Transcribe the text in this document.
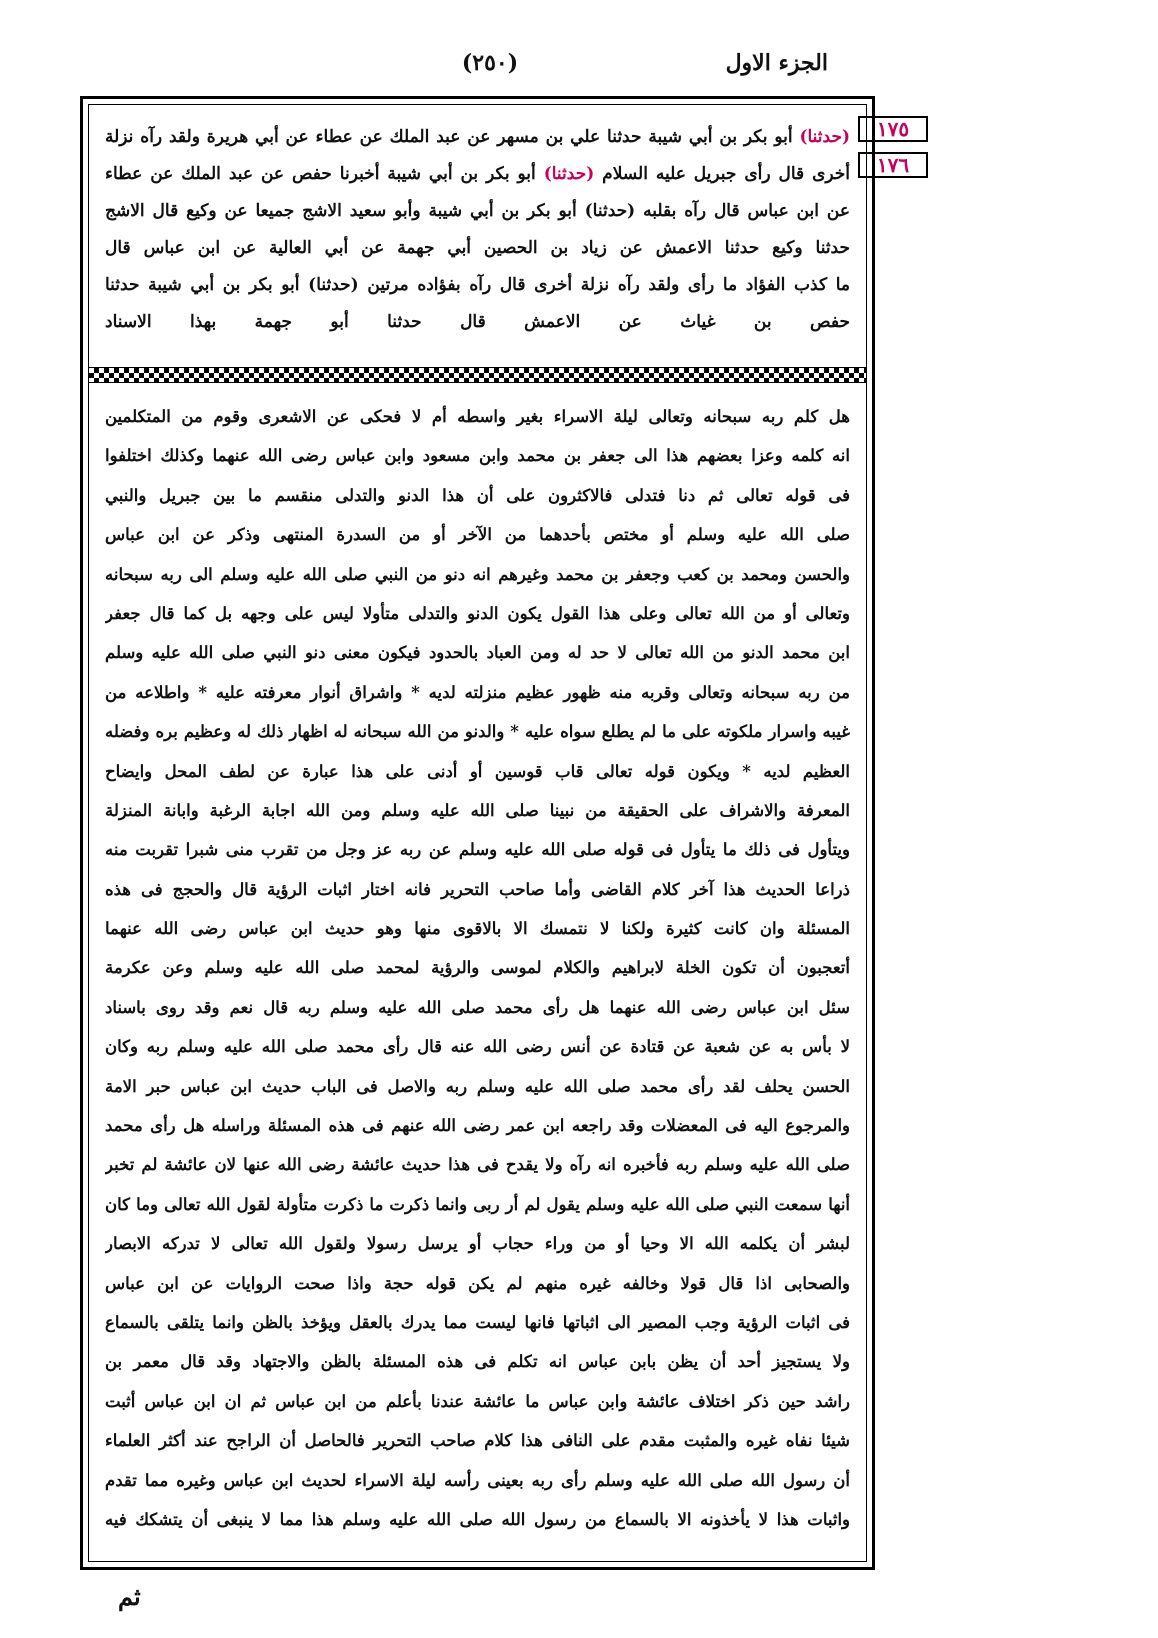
الجزء الاول
(٢٥٠)
١٧٥
١٧٦
(حدثنا) أبو بكر بن أبي شيبة حدثنا علي بن مسهر عن عبد الملك عن عطاء عن أبي هريرة ولقد رآه نزلة
أخرى قال رأى جبريل عليه السلام (حدثنا) أبو بكر بن أبي شيبة أخبرنا حفص عن عبد الملك عن عطاء
عن ابن عباس قال رآه بقلبه (حدثنا) أبو بكر بن أبي شيبة وأبو سعيد الاشج جميعا عن وكيع قال الاشج
حدثنا وكيع حدثنا الاعمش عن زياد بن الحصين أبي جهمة عن أبي العالية عن ابن عباس قال
ما كذب الفؤاد ما رأى ولقد رآه نزلة أخرى قال رآه بفؤاده مرتين (حدثنا) أبو بكر بن أبي شيبة حدثنا
حفص بن غياث عن الاعمش قال حدثنا أبو جهمة بهذا الاسناد
هل كلم ربه سبحانه وتعالى ليلة الاسراء بغير واسطه أم لا فحكى عن الاشعرى وقوم من المتكلمين
انه كلمه وعزا بعضهم هذا الى جعفر بن محمد وابن مسعود وابن عباس رضى الله عنهما وكذلك اختلفوا
فى قوله تعالى ثم دنا فتدلى فالاكثرون على أن هذا الدنو والتدلى منقسم ما بين جبريل والنبي
صلى الله عليه وسلم أو مختص بأحدهما من الآخر أو من السدرة المنتهى وذكر عن ابن عباس
والحسن ومحمد بن كعب وجعفر بن محمد وغيرهم انه دنو من النبي صلى الله عليه وسلم الى ربه سبحانه
وتعالى أو من الله تعالى وعلى هذا القول يكون الدنو والتدلى متأولا ليس على وجهه بل كما قال جعفر
ابن محمد الدنو من الله تعالى لا حد له ومن العباد بالحدود فيكون معنى دنو النبي صلى الله عليه وسلم
من ربه سبحانه وتعالى وقربه منه ظهور عظيم منزلته لديه * واشراق أنوار معرفته عليه * واطلاعه من
غيبه واسرار ملكوته على ما لم يطلع سواه عليه * والدنو من الله سبحانه له اظهار ذلك له وعظيم بره وفضله
العظيم لديه * ويكون قوله تعالى قاب قوسين أو أدنى على هذا عبارة عن لطف المحل وايضاح
المعرفة والاشراف على الحقيقة من نبينا صلى الله عليه وسلم ومن الله اجابة الرغبة وابانة المنزلة
ويتأول فى ذلك ما يتأول فى قوله صلى الله عليه وسلم عن ربه عز وجل من تقرب منى شبرا تقربت منه
ذراعا الحديث هذا آخر كلام القاضى وأما صاحب التحرير فانه اختار اثبات الرؤية قال والحجج فى هذه
المسئلة وان كانت كثيرة ولكنا لا نتمسك الا بالاقوى منها وهو حديث ابن عباس رضى الله عنهما
أتعجبون أن تكون الخلة لابراهيم والكلام لموسى والرؤية لمحمد صلى الله عليه وسلم وعن عكرمة
سئل ابن عباس رضى الله عنهما هل رأى محمد صلى الله عليه وسلم ربه قال نعم وقد روى باسناد
لا بأس به عن شعبة عن قتادة عن أنس رضى الله عنه قال رأى محمد صلى الله عليه وسلم ربه وكان
الحسن يحلف لقد رأى محمد صلى الله عليه وسلم ربه والاصل فى الباب حديث ابن عباس حبر الامة
والمرجوع اليه فى المعضلات وقد راجعه ابن عمر رضى الله عنهم فى هذه المسئلة وراسله هل رأى محمد
صلى الله عليه وسلم ربه فأخبره انه رآه ولا يقدح فى هذا حديث عائشة رضى الله عنها لان عائشة لم تخبر
أنها سمعت النبي صلى الله عليه وسلم يقول لم أر ربى وانما ذكرت ما ذكرت متأولة لقول الله تعالى وما كان
لبشر أن يكلمه الله الا وحيا أو من وراء حجاب أو يرسل رسولا ولقول الله تعالى لا تدركه الابصار
والصحابى اذا قال قولا وخالفه غيره منهم لم يكن قوله حجة واذا صحت الروايات عن ابن عباس
فى اثبات الرؤية وجب المصير الى اثباتها فانها ليست مما يدرك بالعقل ويؤخذ بالظن وانما يتلقى بالسماع
ولا يستجيز أحد أن يظن بابن عباس انه تكلم فى هذه المسئلة بالظن والاجتهاد وقد قال معمر بن
راشد حين ذكر اختلاف عائشة وابن عباس ما عائشة عندنا بأعلم من ابن عباس ثم ان ابن عباس أثبت
شيئا نفاه غيره والمثبت مقدم على النافى هذا كلام صاحب التحرير فالحاصل أن الراجح عند أكثر العلماء
أن رسول الله صلى الله عليه وسلم رأى ربه بعينى رأسه ليلة الاسراء لحديث ابن عباس وغيره مما تقدم
واثبات هذا لا يأخذونه الا بالسماع من رسول الله صلى الله عليه وسلم هذا مما لا ينبغى أن يتشكك فيه
ثم
